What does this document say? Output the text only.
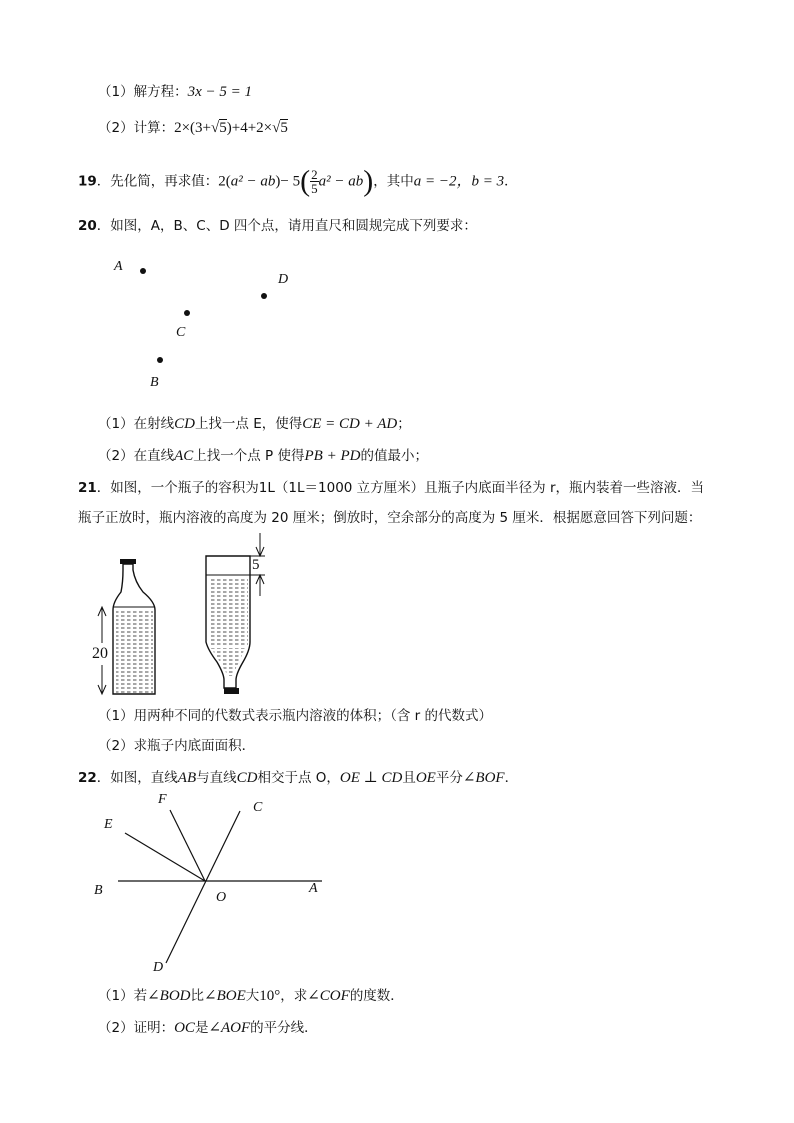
（1）解方程：3x − 5 = 1
（2）计算：2×(3+√5)+4+2×√5
19．先化简，再求值：$2(a^2 - ab)- 5( \frac{2}{5} a^2 - ab)$，其中a = −2，b = 3．
20．如图，A，B、C、D 四个点，请用直尺和圆规完成下列要求：
A
D
C
B
（1）在射线CD上找一点 E，使得CE = CD + AD；
（2）在直线AC上找一个点 P 使得PB + PD的值最小；
21．如图，一个瓶子的容积为1L（1L＝1000 立方厘米）且瓶子内底面半径为 r，瓶内装着一些溶液．当
瓶子正放时，瓶内溶液的高度为 20 厘米；倒放时，空余部分的高度为 5 厘米．根据愿意回答下列问题：
20
5
（1）用两种不同的代数式表示瓶内溶液的体积；（含 r 的代数式）
（2）求瓶子内底面面积．
22．如图，直线AB与直线CD相交于点 O，OE ⊥ CD且OE平分∠BOF．
F
C
E
B	O
A
D
（1）若∠BOD比∠BOE大10°，求∠COF的度数．
（2）证明：OC是∠AOF的平分线．
